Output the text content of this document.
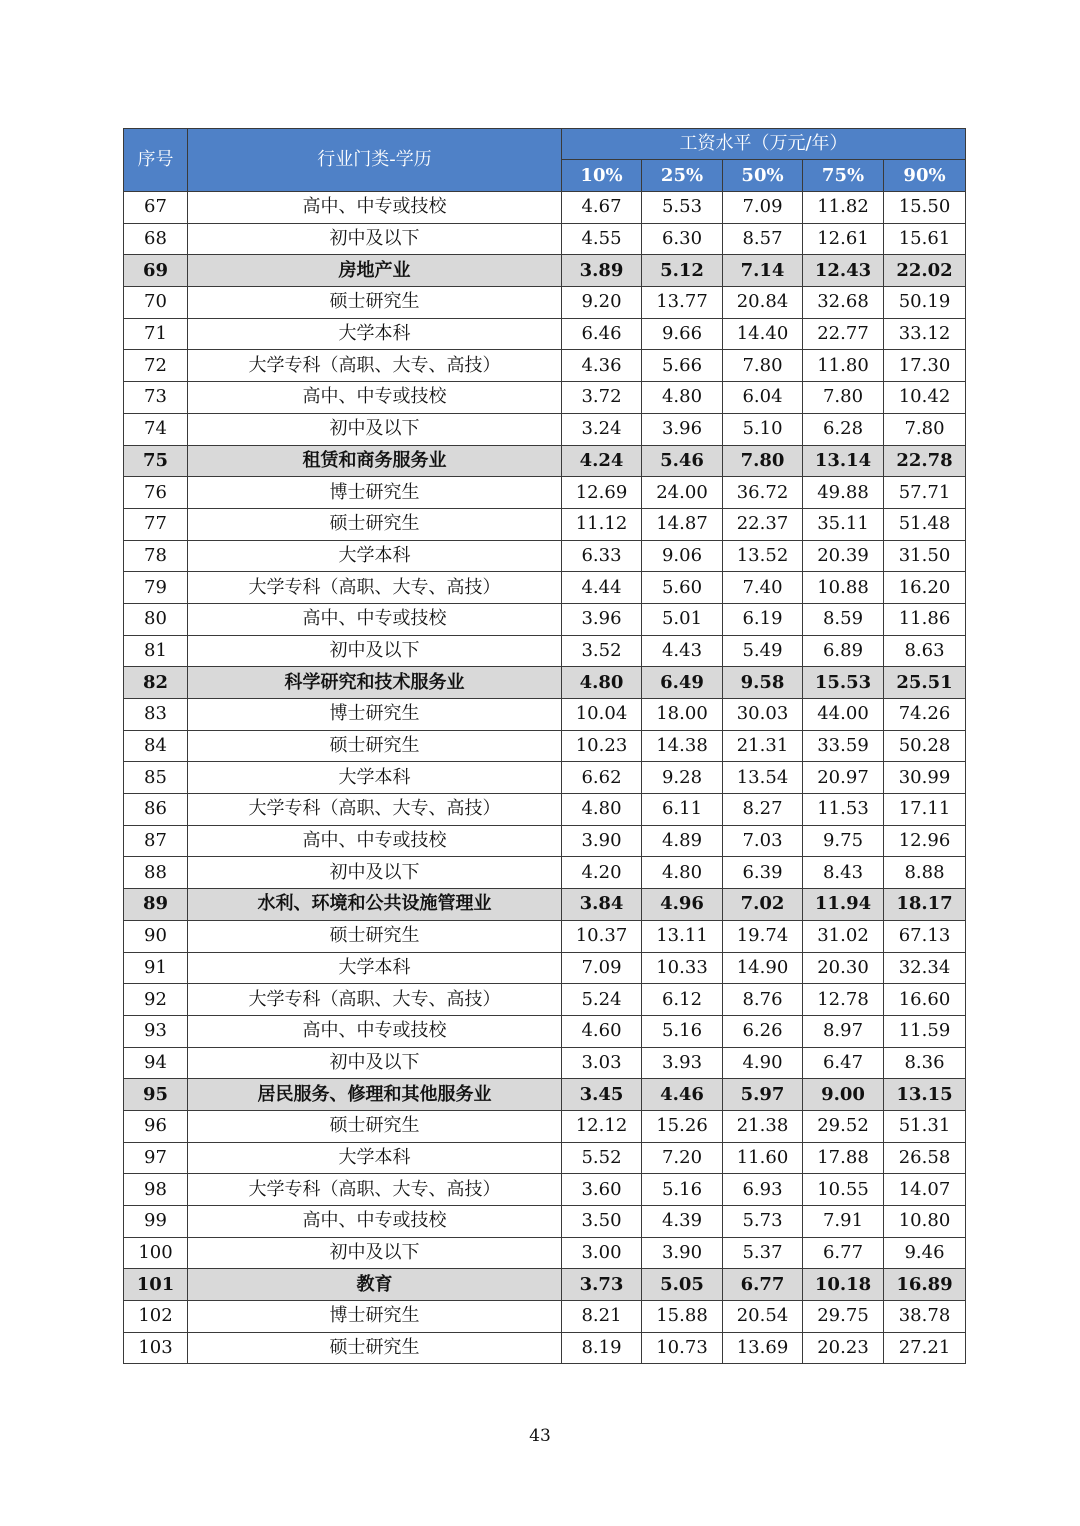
序号	行业门类-学历	工资水平（万元/年）				
		10%	25%	50%	75%	90%
67	高中、中专或技校	4.67	5.53	7.09	11.82	15.50
68	初中及以下	4.55	6.30	8.57	12.61	15.61
69	房地产业	3.89	5.12	7.14	12.43	22.02
70	硕士研究生	9.20	13.77	20.84	32.68	50.19
71	大学本科	6.46	9.66	14.40	22.77	33.12
72	大学专科（高职、大专、高技）	4.36	5.66	7.80	11.80	17.30
73	高中、中专或技校	3.72	4.80	6.04	7.80	10.42
74	初中及以下	3.24	3.96	5.10	6.28	7.80
75	租赁和商务服务业	4.24	5.46	7.80	13.14	22.78
76	博士研究生	12.69	24.00	36.72	49.88	57.71
77	硕士研究生	11.12	14.87	22.37	35.11	51.48
78	大学本科	6.33	9.06	13.52	20.39	31.50
79	大学专科（高职、大专、高技）	4.44	5.60	7.40	10.88	16.20
80	高中、中专或技校	3.96	5.01	6.19	8.59	11.86
81	初中及以下	3.52	4.43	5.49	6.89	8.63
82	科学研究和技术服务业	4.80	6.49	9.58	15.53	25.51
83	博士研究生	10.04	18.00	30.03	44.00	74.26
84	硕士研究生	10.23	14.38	21.31	33.59	50.28
85	大学本科	6.62	9.28	13.54	20.97	30.99
86	大学专科（高职、大专、高技）	4.80	6.11	8.27	11.53	17.11
87	高中、中专或技校	3.90	4.89	7.03	9.75	12.96
88	初中及以下	4.20	4.80	6.39	8.43	8.88
89	水利、环境和公共设施管理业	3.84	4.96	7.02	11.94	18.17
90	硕士研究生	10.37	13.11	19.74	31.02	67.13
91	大学本科	7.09	10.33	14.90	20.30	32.34
92	大学专科（高职、大专、高技）	5.24	6.12	8.76	12.78	16.60
93	高中、中专或技校	4.60	5.16	6.26	8.97	11.59
94	初中及以下	3.03	3.93	4.90	6.47	8.36
95	居民服务、修理和其他服务业	3.45	4.46	5.97	9.00	13.15
96	硕士研究生	12.12	15.26	21.38	29.52	51.31
97	大学本科	5.52	7.20	11.60	17.88	26.58
98	大学专科（高职、大专、高技）	3.60	5.16	6.93	10.55	14.07
99	高中、中专或技校	3.50	4.39	5.73	7.91	10.80
100	初中及以下	3.00	3.90	5.37	6.77	9.46
101	教育	3.73	5.05	6.77	10.18	16.89
102	博士研究生	8.21	15.88	20.54	29.75	38.78
103	硕士研究生	8.19	10.73	13.69	20.23	27.21
43
